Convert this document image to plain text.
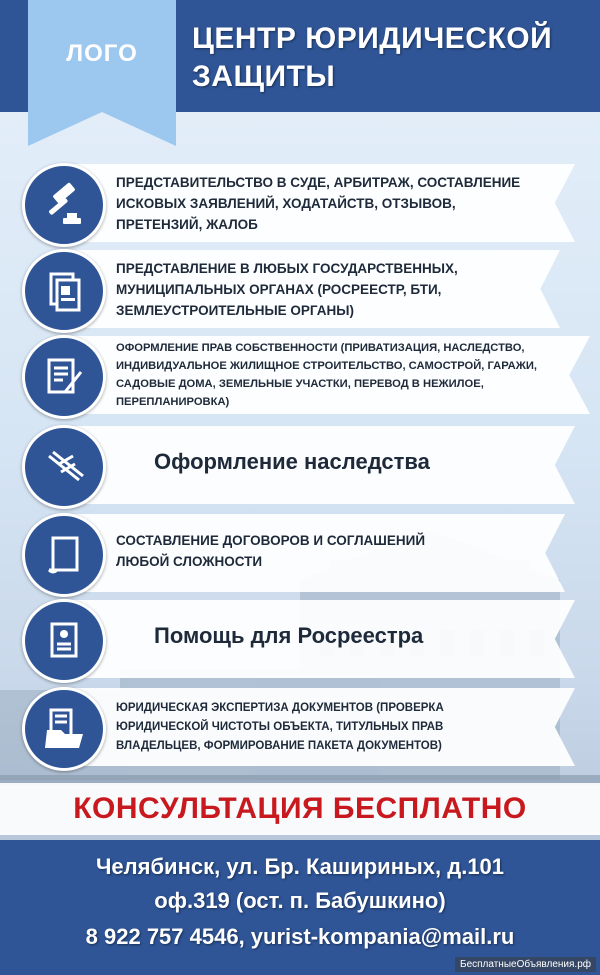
ЛОГО	ЦЕНТР ЮРИДИЧЕСКОЙ
ЗАЩИТЫ
ПРЕДСТАВИТЕЛЬСТВО В СУДЕ, АРБИТРАЖ, СОСТАВЛЕНИЕ
ИСКОВЫХ ЗАЯВЛЕНИЙ, ХОДАТАЙСТВ, ОТЗЫВОВ,
ПРЕТЕНЗИЙ, ЖАЛОБ
ПРЕДСТАВЛЕНИЕ В ЛЮБЫХ ГОСУДАРСТВЕННЫХ,
МУНИЦИПАЛЬНЫХ ОРГАНАХ (РОСРЕЕСТР, БТИ,
ЗЕМЛЕУСТРОИТЕЛЬНЫЕ ОРГАНЫ)
ОФОРМЛЕНИЕ ПРАВ СОБСТВЕННОСТИ (ПРИВАТИЗАЦИЯ, НАСЛЕДСТВО,
ИНДИВИДУАЛЬНОЕ ЖИЛИЩНОЕ СТРОИТЕЛЬСТВО, САМОСТРОЙ, ГАРАЖИ,
САДОВЫЕ ДОМА, ЗЕМЕЛЬНЫЕ УЧАСТКИ, ПЕРЕВОД В НЕЖИЛОЕ,
ПЕРЕПЛАНИРОВКА)
Оформление наследства
СОСТАВЛЕНИЕ ДОГОВОРОВ И СОГЛАШЕНИЙ
ЛЮБОЙ СЛОЖНОСТИ
Помощь для Росреестра
ЮРИДИЧЕСКАЯ ЭКСПЕРТИЗА ДОКУМЕНТОВ (ПРОВЕРКА
ЮРИДИЧЕСКОЙ ЧИСТОТЫ ОБЪЕКТА, ТИТУЛЬНЫХ ПРАВ
ВЛАДЕЛЬЦЕВ, ФОРМИРОВАНИЕ ПАКЕТА ДОКУМЕНТОВ)
КОНСУЛЬТАЦИЯ БЕСПЛАТНО
Челябинск, ул. Бр. Кашириных, д.101
оф.319 (ост. п. Бабушкино)
8 922 757 4546, yurist-kompania@mail.ru
БесплатныеОбъявления.рф
